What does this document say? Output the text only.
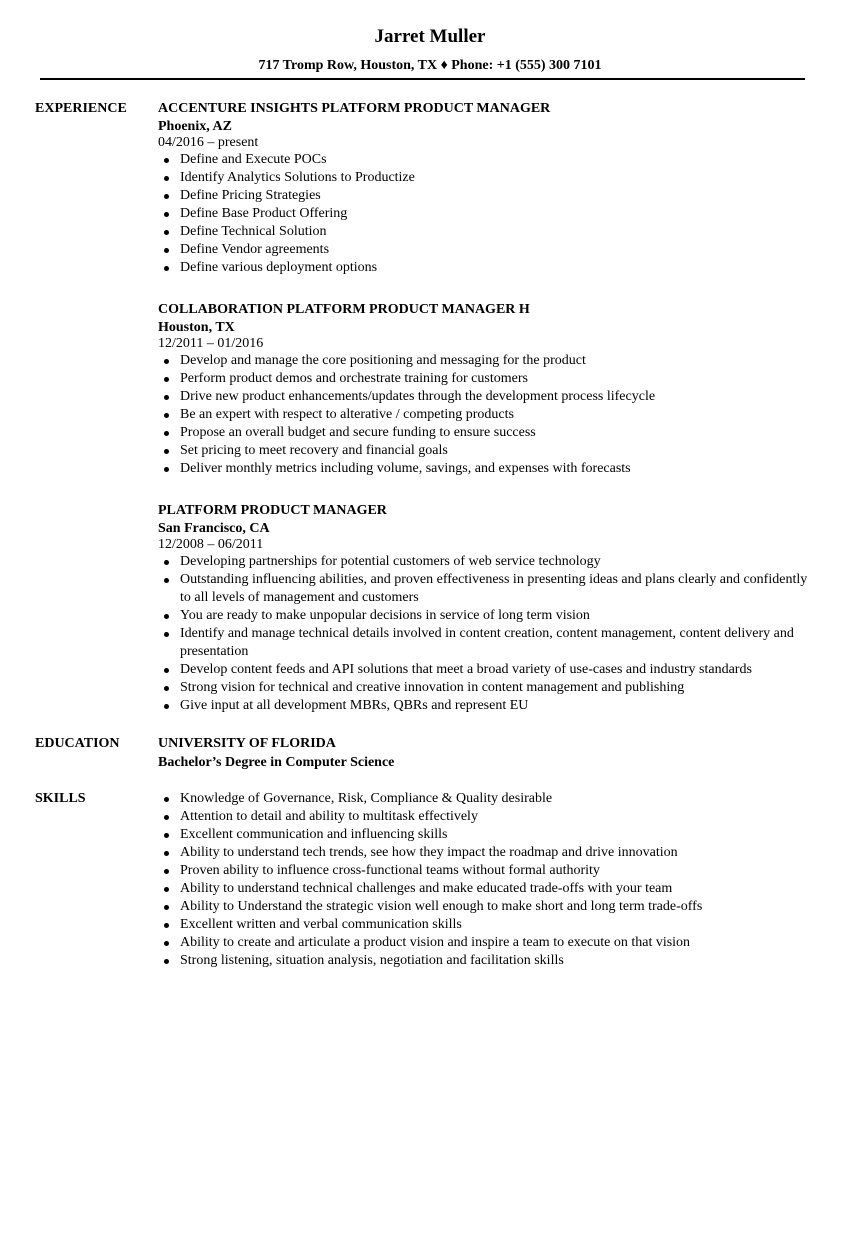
Jarret Muller
717 Tromp Row, Houston, TX ♦ Phone: +1 (555) 300 7101
EXPERIENCE ACCENTURE INSIGHTS PLATFORM PRODUCT MANAGER
Phoenix, AZ
04/2016 – present
Define and Execute POCs
Identify Analytics Solutions to Productize
Define Pricing Strategies
Define Base Product Offering
Define Technical Solution
Define Vendor agreements
Define various deployment options
COLLABORATION PLATFORM PRODUCT MANAGER H
Houston, TX
12/2011 – 01/2016
Develop and manage the core positioning and messaging for the product
Perform product demos and orchestrate training for customers
Drive new product enhancements/updates through the development process lifecycle
Be an expert with respect to alterative / competing products
Propose an overall budget and secure funding to ensure success
Set pricing to meet recovery and financial goals
Deliver monthly metrics including volume, savings, and expenses with forecasts
PLATFORM PRODUCT MANAGER
San Francisco, CA
12/2008 – 06/2011
Developing partnerships for potential customers of web service technology
Outstanding influencing abilities, and proven effectiveness in presenting ideas and plans clearly and confidently to all levels of management and customers
You are ready to make unpopular decisions in service of long term vision
Identify and manage technical details involved in content creation, content management, content delivery and presentation
Develop content feeds and API solutions that meet a broad variety of use-cases and industry standards
Strong vision for technical and creative innovation in content management and publishing
Give input at all development MBRs, QBRs and represent EU
EDUCATION	UNIVERSITY OF FLORIDA
Bachelor’s Degree in Computer Science
SKILLS	Knowledge of Governance, Risk, Compliance & Quality desirable
Attention to detail and ability to multitask effectively
Excellent communication and influencing skills
Ability to understand tech trends, see how they impact the roadmap and drive innovation
Proven ability to influence cross-functional teams without formal authority
Ability to understand technical challenges and make educated trade-offs with your team
Ability to Understand the strategic vision well enough to make short and long term trade-offs
Excellent written and verbal communication skills
Ability to create and articulate a product vision and inspire a team to execute on that vision
Strong listening, situation analysis, negotiation and facilitation skills
